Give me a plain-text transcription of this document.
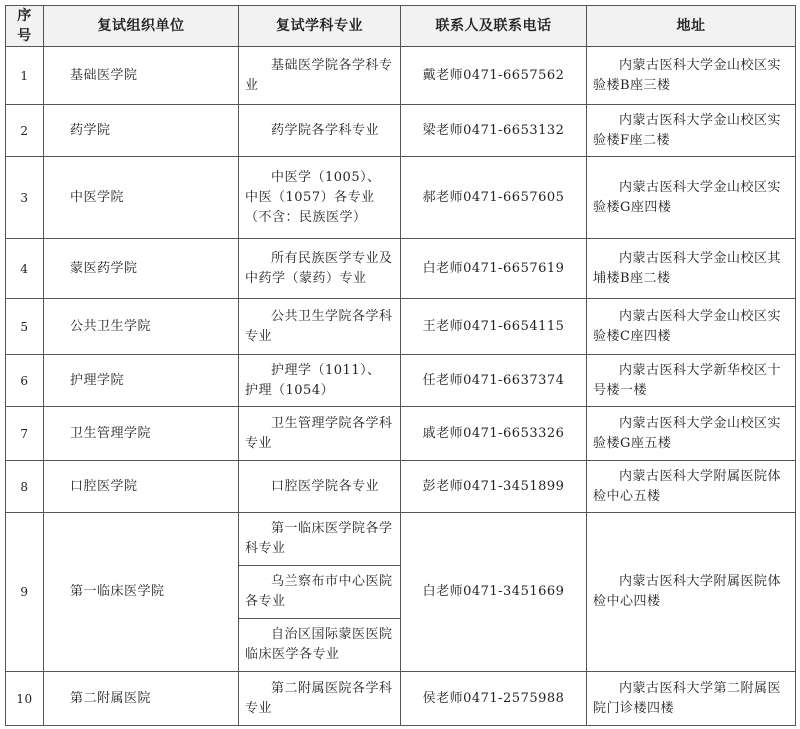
序号	复试组织单位	复试学科专业	联系人及联系电话	地址
1	基础医学院	基础医学院各学科专业	戴老师0471-6657562	内蒙古医科大学金山校区实验楼B座三楼
2	药学院	药学院各学科专业	梁老师0471-6653132	内蒙古医科大学金山校区实验楼F座二楼
3	中医学院	中医学（1005）、中医（1057）各专业（不含：民族医学）	郝老师0471-6657605	内蒙古医科大学金山校区实验楼G座四楼
4	蒙医药学院	所有民族医学专业及中药学（蒙药）专业	白老师0471-6657619	内蒙古医科大学金山校区其埔楼B座二楼
5	公共卫生学院	公共卫生学院各学科专业	王老师0471-6654115	内蒙古医科大学金山校区实验楼C座四楼
6	护理学院	护理学（1011）、护理（1054）	任老师0471-6637374	内蒙古医科大学新华校区十号楼一楼
7	卫生管理学院	卫生管理学院各学科专业	戚老师0471-6653326	内蒙古医科大学金山校区实验楼G座五楼
8	口腔医学院	口腔医学院各专业	彭老师0471-3451899	内蒙古医科大学附属医院体检中心五楼
9	第一临床医学院	第一临床医学院各学科专业	白老师0471-3451669	内蒙古医科大学附属医院体检中心四楼
		乌兰察布市中心医院各专业		
		自治区国际蒙医医院临床医学各专业		
10	第二附属医院	第二附属医院各学科专业	侯老师0471-2575988	内蒙古医科大学第二附属医院门诊楼四楼
